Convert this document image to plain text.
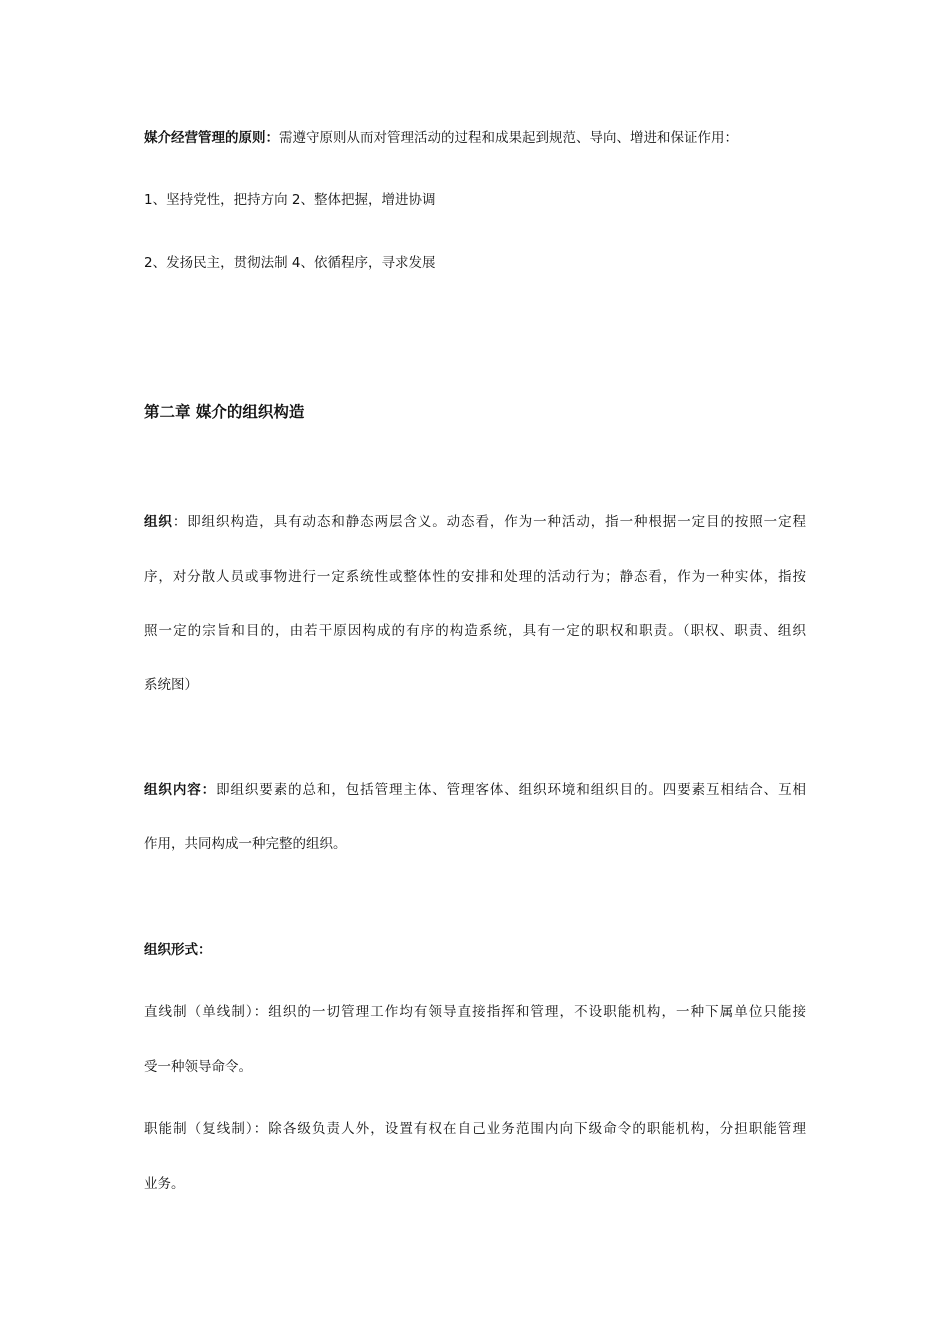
媒介经营管理的原则：需遵守原则从而对管理活动的过程和成果起到规范、导向、增进和保证作用：
1、坚持党性，把持方向 2、整体把握，增进协调
2、发扬民主，贯彻法制 4、依循程序，寻求发展
第二章 媒介的组织构造
组织：即组织构造，具有动态和静态两层含义。动态看，作为一种活动，指一种根据一定目的按照一定程
序，对分散人员或事物进行一定系统性或整体性的安排和处理的活动行为；静态看，作为一种实体，指按
照一定的宗旨和目的，由若干原因构成的有序的构造系统，具有一定的职权和职责。（职权、职责、组织
系统图）
组织内容：即组织要素的总和，包括管理主体、管理客体、组织环境和组织目的。四要素互相结合、互相
作用，共同构成一种完整的组织。
组织形式：
直线制（单线制）：组织的一切管理工作均有领导直接指挥和管理，不设职能机构，一种下属单位只能接
受一种领导命令。
职能制（复线制）：除各级负责人外，设置有权在自己业务范围内向下级命令的职能机构，分担职能管理
业务。
